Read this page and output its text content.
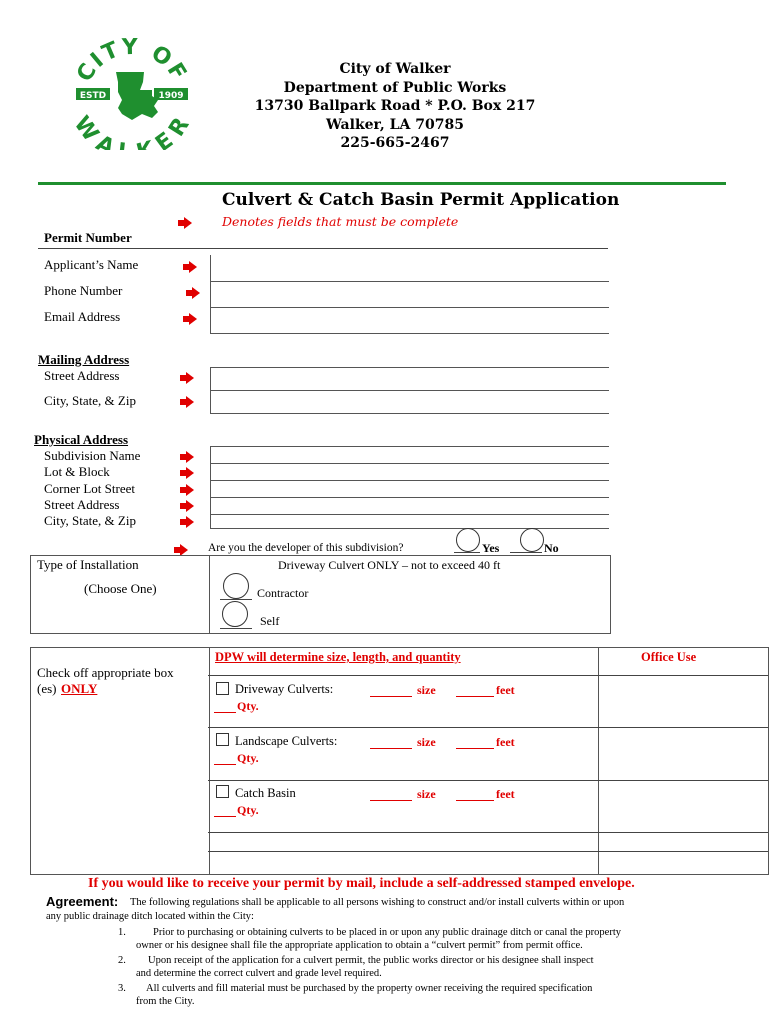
CITY OF
WA E
ESTD	1909
City of Walker
Department of Public Works
13730 Ballpark Road * P.O. Box 217
Walker, LA 70785
225-665-2467
Culvert & Catch Basin Permit Application
Denotes fields that must be complete
Permit Number
Applicant’s Name
Phone Number
Email Address
Mailing Address
Street Address
City, State, & Zip
Physical Address
Subdivision Name
Lot & Block
Corner Lot Street
Street Address
City, State, & Zip
Are you the developer of this subdivision?	Yes	No
Type of Installation
(Choose One)
Driveway Culvert ONLY – not to exceed 40 ft
Contractor
Self
Check off appropriate box
(es) ONLY
DPW will determine size, length, and quantity	Office Use
Driveway Culverts:	size	feet
Qty.
Landscape Culverts:	size	feet
Qty.
Catch Basin	size	feet
Qty.
If you would like to receive your permit by mail, include a self-addressed stamped envelope.
Agreement: The following regulations shall be applicable to all persons wishing to construct and/or install culverts within or upon
any public drainage ditch located within the City:
1.	Prior to purchasing or obtaining culverts to be placed in or upon any public drainage ditch or canal the property
owner or his designee shall file the appropriate application to obtain a “culvert permit” from permit office.
2. Upon receipt of the application for a culvert permit, the public works director or his designee shall inspect
and determine the correct culvert and grade level required.
3. All culverts and fill material must be purchased by the property owner receiving the required specification
from the City.
